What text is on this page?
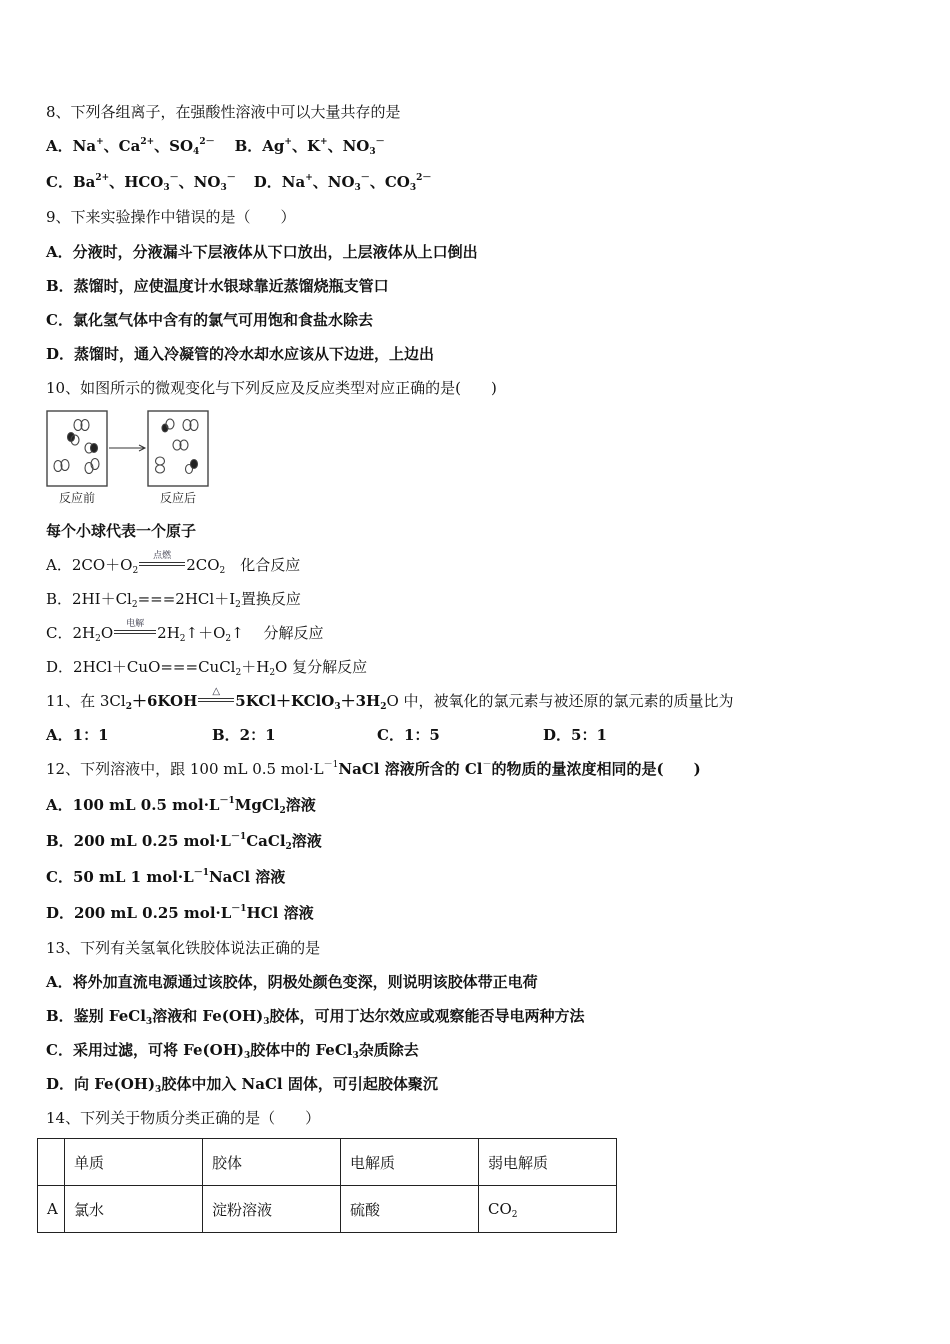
8、下列各组离子，在强酸性溶液中可以大量共存的是
A．Na+、$Ca^{2+}$、$SO_4^{2-}$ B．Ag+、K+、$NO_3^-$
C．$Ba^{2+}$、$HCO_3^-$、$NO_3^-$ D．Na+、$NO_3^-$、$CO_3^{2-}$
9、下来实验操作中错误的是（　　）
A．分液时，分液漏斗下层液体从下口放出，上层液体从上口倒出
B．蒸馏时，应使温度计水银球靠近蒸馏烧瓶支管口
C．氯化氢气体中含有的氯气可用饱和食盐水除去
D．蒸馏时，通入冷凝管的冷水却水应该从下边进，上边出
10、如图所示的微观变化与下列反应及反应类型对应正确的是(　　)
反应前	反应后
每个小球代表一个原子
A．$2CO+O_2$
点燃	$2CO_2$　化合反应
B．$2HI+Cl_2===2HCl+I_2$置换反应
C．$2H_2O$	电解 $2H_2↑+O_2↑$　 分解反应
D．$2HCl+CuO===CuCl_2+H_2O$ 复分解反应
11、在 $3Cl_2+6KOH$
△
$5KCl+KClO_3+3H_2O$ 中，被氧化的氯元素与被还原的氯元素的质量比为
A．1：1	B．2：1	C．1：5	D．5：1
12、下列溶液中，跟 100 mL 0.5 $mol\cdot L^{-1}NaCl$ 溶液所含的 Cl－的物质的量浓度相同的是(　　)
A．100 mL 0.5 $mol\cdot L^{-1}MgCl_2$溶液
B．200 mL 0.25 $mol\cdot L^{-1}CaCl_2$溶液
C．50 mL 1 $mol\cdot L^{-1}NaCl$ 溶液
D．200 mL 0.25 $mol\cdot L^{-1}HCl$ 溶液
13、下列有关氢氧化铁胶体说法正确的是
A．将外加直流电源通过该胶体，阴极处颜色变深，则说明该胶体带正电荷
B．鉴别 FeCl$_3$溶液和 $Fe(OH)_3$胶体，可用丁达尔效应或观察能否导电两种方法
C．采用过滤，可将 $Fe(OH)_3$胶体中的 FeCl$_3$杂质除去
D．向 $Fe(OH)_3$胶体中加入 NaCl 固体，可引起胶体聚沉
14、下列关于物质分类正确的是（　　）
	单质	胶体	电解质	弱电解质
A	氯水	淀粉溶液	硫酸	$CO_2$
